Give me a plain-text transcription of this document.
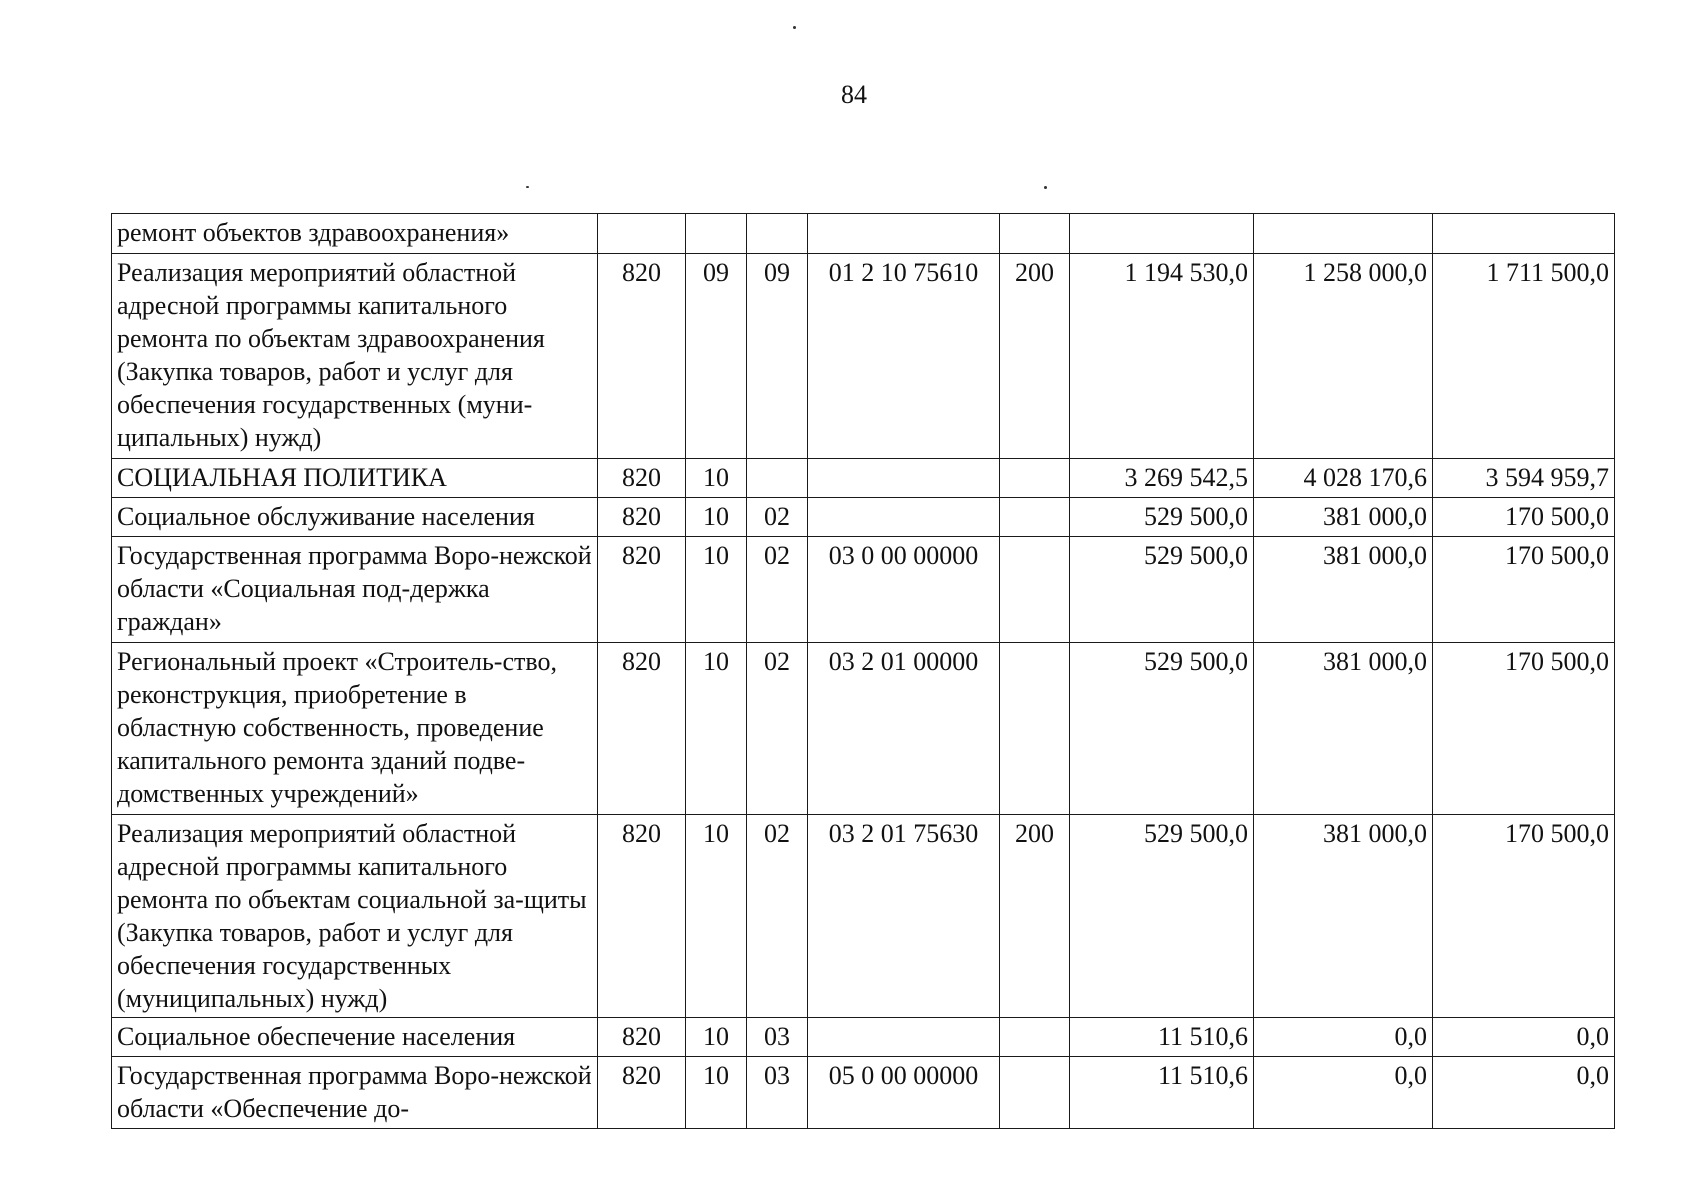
84
ремонт объектов здравоохранения»								
Реализация мероприятий областной адресной программы капитального ремонта по объектам здравоохранения (Закупка товаров, работ и услуг для обеспечения государственных (муни-ципальных) нужд)	820	09	09	01 2 10 75610	200	1 194 530,0	1 258 000,0	1 711 500,0
СОЦИАЛЬНАЯ ПОЛИТИКА	820	10				3 269 542,5	4 028 170,6	3 594 959,7
Социальное обслуживание населения	820	10	02			529 500,0	381 000,0	170 500,0
Государственная программа Воро-нежской области «Социальная под-держка граждан»	820	10	02	03 0 00 00000		529 500,0	381 000,0	170 500,0
Региональный проект «Строитель-ство, реконструкция, приобретение в областную собственность, проведение капитального ремонта зданий подве-домственных учреждений»	820	10	02	03 2 01 00000		529 500,0	381 000,0	170 500,0
Реализация мероприятий областной адресной программы капитального ремонта по объектам социальной за-щиты (Закупка товаров, работ и услуг для обеспечения государственных (муниципальных) нужд)	820	10	02	03 2 01 75630	200	529 500,0	381 000,0	170 500,0
Социальное обеспечение населения	820	10	03			11 510,6	0,0	0,0
Государственная программа Воро-нежской области «Обеспечение до-	820	10	03	05 0 00 00000		11 510,6	0,0	0,0
